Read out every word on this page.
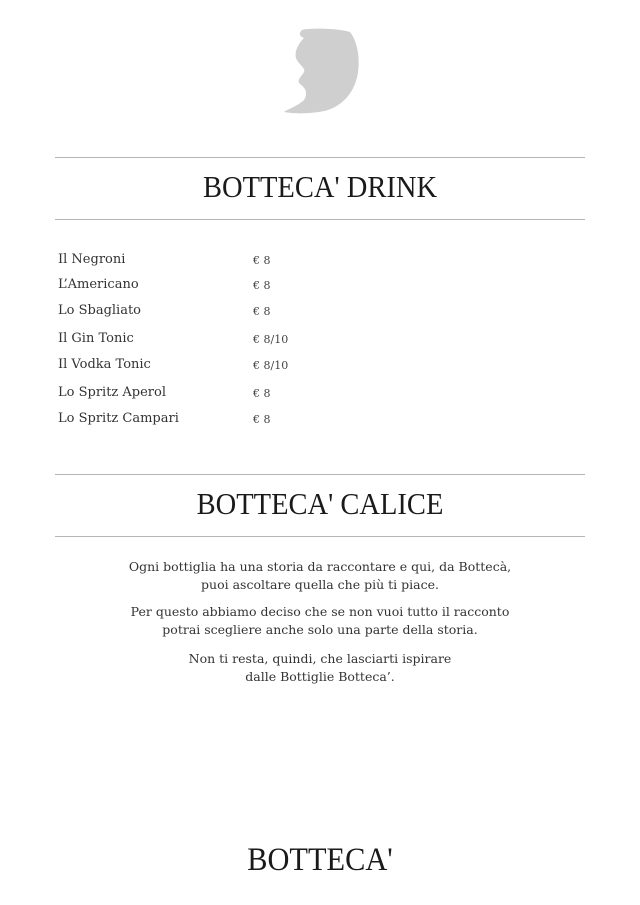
BOTTECA' DRINK
Il Negroni	€ 8
L’Americano	€ 8
Lo Sbagliato	€ 8
Il Gin Tonic	€ 8/10
Il Vodka Tonic	€ 8/10
Lo Spritz Aperol	€ 8
Lo Spritz Campari	€ 8
BOTTECA' CALICE
Ogni bottiglia ha una storia da raccontare e qui, da Bottecà,
puoi ascoltare quella che più ti piace.
Per questo abbiamo deciso che se non vuoi tutto il racconto
potrai scegliere anche solo una parte della storia.
Non ti resta, quindi, che lasciarti ispirare
dalle Bottiglie Botteca’.
BOTTECA'
